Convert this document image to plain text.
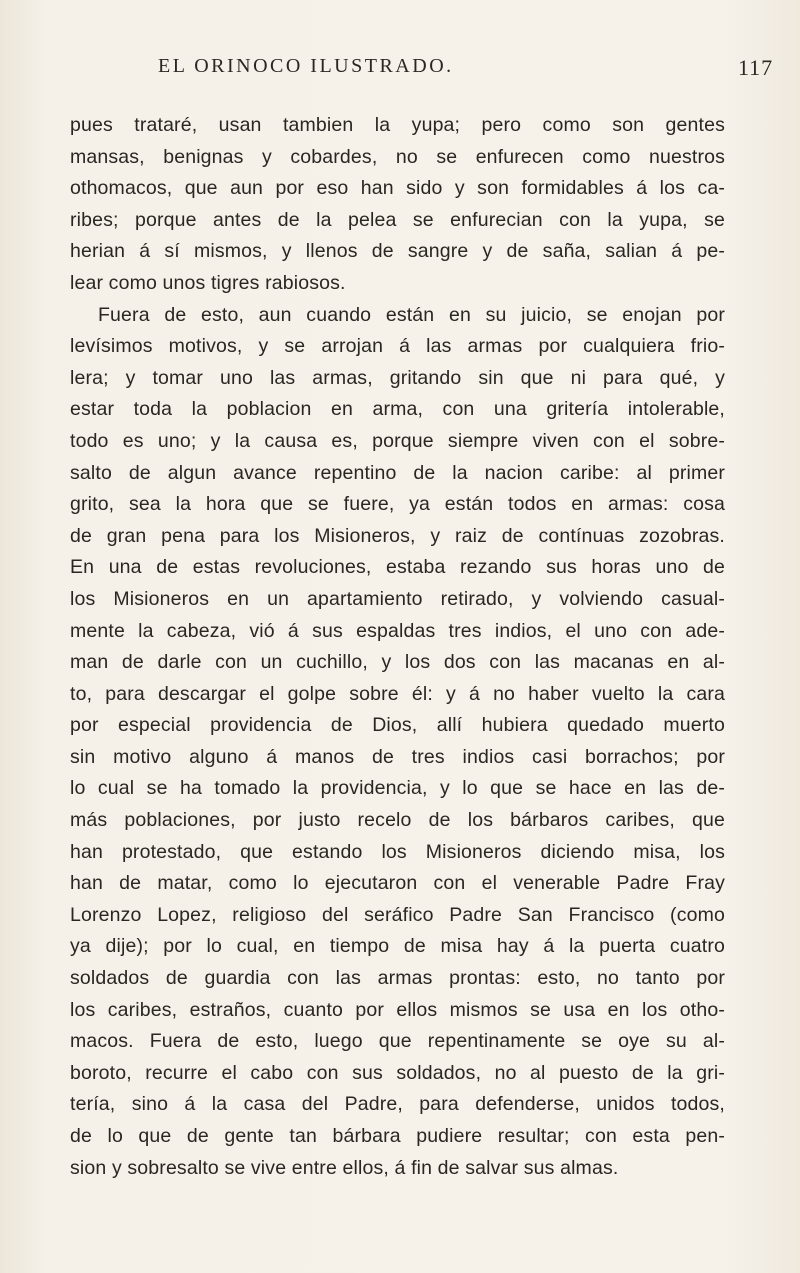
EL ORINOCO ILUSTRADO.	117
pues trataré, usan tambien la yupa; pero como son gentes
mansas, benignas y cobardes, no se enfurecen como nuestros
othomacos, que aun por eso han sido y son formidables á los ca-
ribes; porque antes de la pelea se enfurecian con la yupa, se
herian á sí mismos, y llenos de sangre y de saña, salian á pe-
lear como unos tigres rabiosos.
Fuera de esto, aun cuando están en su juicio, se enojan por
levísimos motivos, y se arrojan á las armas por cualquiera frio-
lera; y tomar uno las armas, gritando sin que ni para qué, y
estar toda la poblacion en arma, con una gritería intolerable,
todo es uno; y la causa es, porque siempre viven con el sobre-
salto de algun avance repentino de la nacion caribe: al primer
grito, sea la hora que se fuere, ya están todos en armas: cosa
de gran pena para los Misioneros, y raiz de contínuas zozobras.
En una de estas revoluciones, estaba rezando sus horas uno de
los Misioneros en un apartamiento retirado, y volviendo casual-
mente la cabeza, vió á sus espaldas tres indios, el uno con ade-
man de darle con un cuchillo, y los dos con las macanas en al-
to, para descargar el golpe sobre él: y á no haber vuelto la cara
por especial providencia de Dios, allí hubiera quedado muerto
sin motivo alguno á manos de tres indios casi borrachos; por
lo cual se ha tomado la providencia, y lo que se hace en las de-
más poblaciones, por justo recelo de los bárbaros caribes, que
han protestado, que estando los Misioneros diciendo misa, los
han de matar, como lo ejecutaron con el venerable Padre Fray
Lorenzo Lopez, religioso del seráfico Padre San Francisco (como
ya dije); por lo cual, en tiempo de misa hay á la puerta cuatro
soldados de guardia con las armas prontas: esto, no tanto por
los caribes, estraños, cuanto por ellos mismos se usa en los otho-
macos. Fuera de esto, luego que repentinamente se oye su al-
boroto, recurre el cabo con sus soldados, no al puesto de la gri-
tería, sino á la casa del Padre, para defenderse, unidos todos,
de lo que de gente tan bárbara pudiere resultar; con esta pen-
sion y sobresalto se vive entre ellos, á fin de salvar sus almas.
